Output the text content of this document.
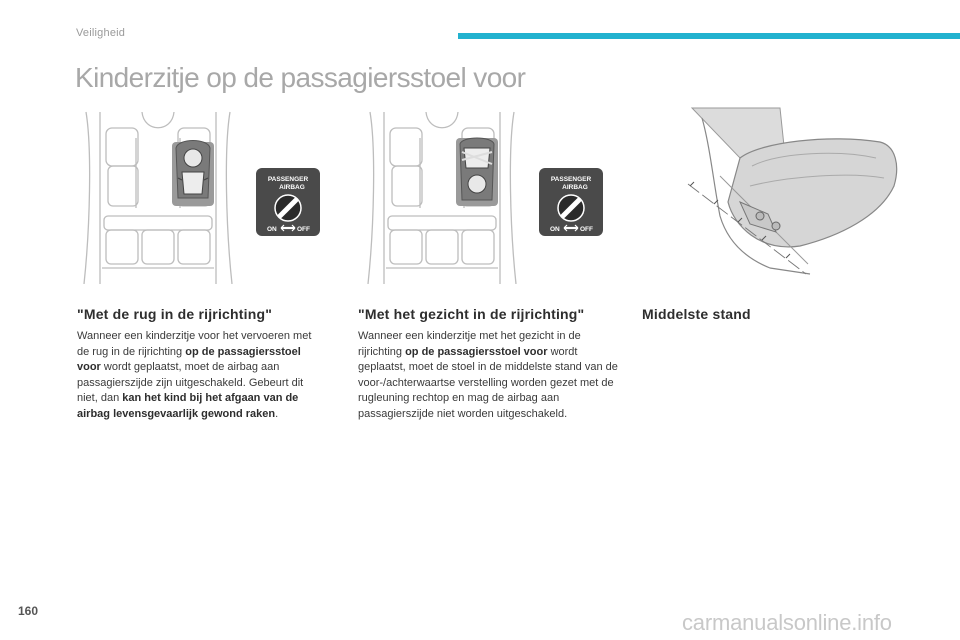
Veiligheid
Kinderzitje op de passagiersstoel voor
PASSENGER
AIRBAG
ON	OFF
PASSENGER
AIRBAG
ON	OFF
"Met de rug in de rijrichting"

Wanneer een kinderzitje voor het vervoeren met de rug in de rijrichting op de passagiersstoel voor wordt geplaatst, moet de airbag aan passagierszijde zijn uitgeschakeld. Gebeurt dit niet, dan kan het kind bij het afgaan van de airbag levensgevaarlijk gewond raken.

"Met het gezicht in de rijrichting"

Wanneer een kinderzitje met het gezicht in de rijrichting op de passagiersstoel voor wordt geplaatst, moet de stoel in de middelste stand van de voor-/achterwaartse verstelling worden gezet met de rugleuning rechtop en mag de airbag aan passagierszijde niet worden uitgeschakeld.

Middelste stand
160	carmanualsonline.info
